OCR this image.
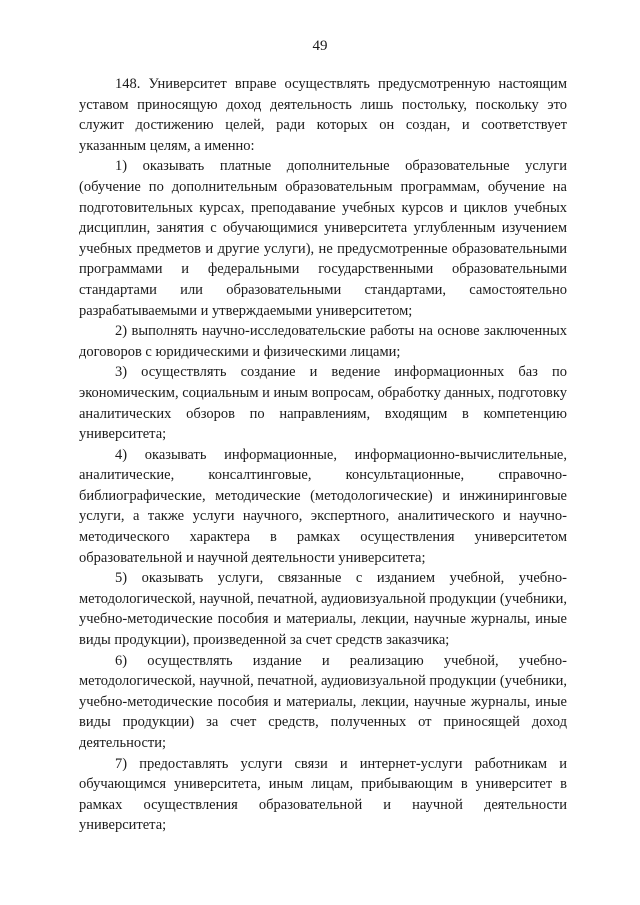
49

148. Университет вправе осуществлять предусмотренную настоящим уставом приносящую доход деятельность лишь постольку, поскольку это служит достижению целей, ради которых он создан, и соответствует указанным целям, а именно:

1) оказывать платные дополнительные образовательные услуги (обучение по дополнительным образовательным программам, обучение на подготовительных курсах, преподавание учебных курсов и циклов учебных дисциплин, занятия с обучающимися университета углубленным изучением учебных предметов и другие услуги), не предусмотренные образовательными программами и федеральными государственными образовательными стандартами или образовательными стандартами, самостоятельно разрабатываемыми и утверждаемыми университетом;

2) выполнять научно-исследовательские работы на основе заключенных договоров с юридическими и физическими лицами;

3) осуществлять создание и ведение информационных баз по экономическим, социальным и иным вопросам, обработку данных, подготовку аналитических обзоров по направлениям, входящим в компетенцию университета;

4) оказывать информационные, информационно-вычислительные, аналитические, консалтинговые, консультационные, справочно-библиографические, методические (методологические) и инжиниринговые услуги, а также услуги научного, экспертного, аналитического и научно-методического характера в рамках осуществления университетом образовательной и научной деятельности университета;

5) оказывать услуги, связанные с изданием учебной, учебно-методологической, научной, печатной, аудиовизуальной продукции (учебники, учебно-методические пособия и материалы, лекции, научные журналы, иные виды продукции), произведенной за счет средств заказчика;

6) осуществлять издание и реализацию учебной, учебно-методологической, научной, печатной, аудиовизуальной продукции (учебники, учебно-методические пособия и материалы, лекции, научные журналы, иные виды продукции) за счет средств, полученных от приносящей доход деятельности;

7) предоставлять услуги связи и интернет-услуги работникам и обучающимся университета, иным лицам, прибывающим в университет в рамках осуществления образовательной и научной деятельности университета;
